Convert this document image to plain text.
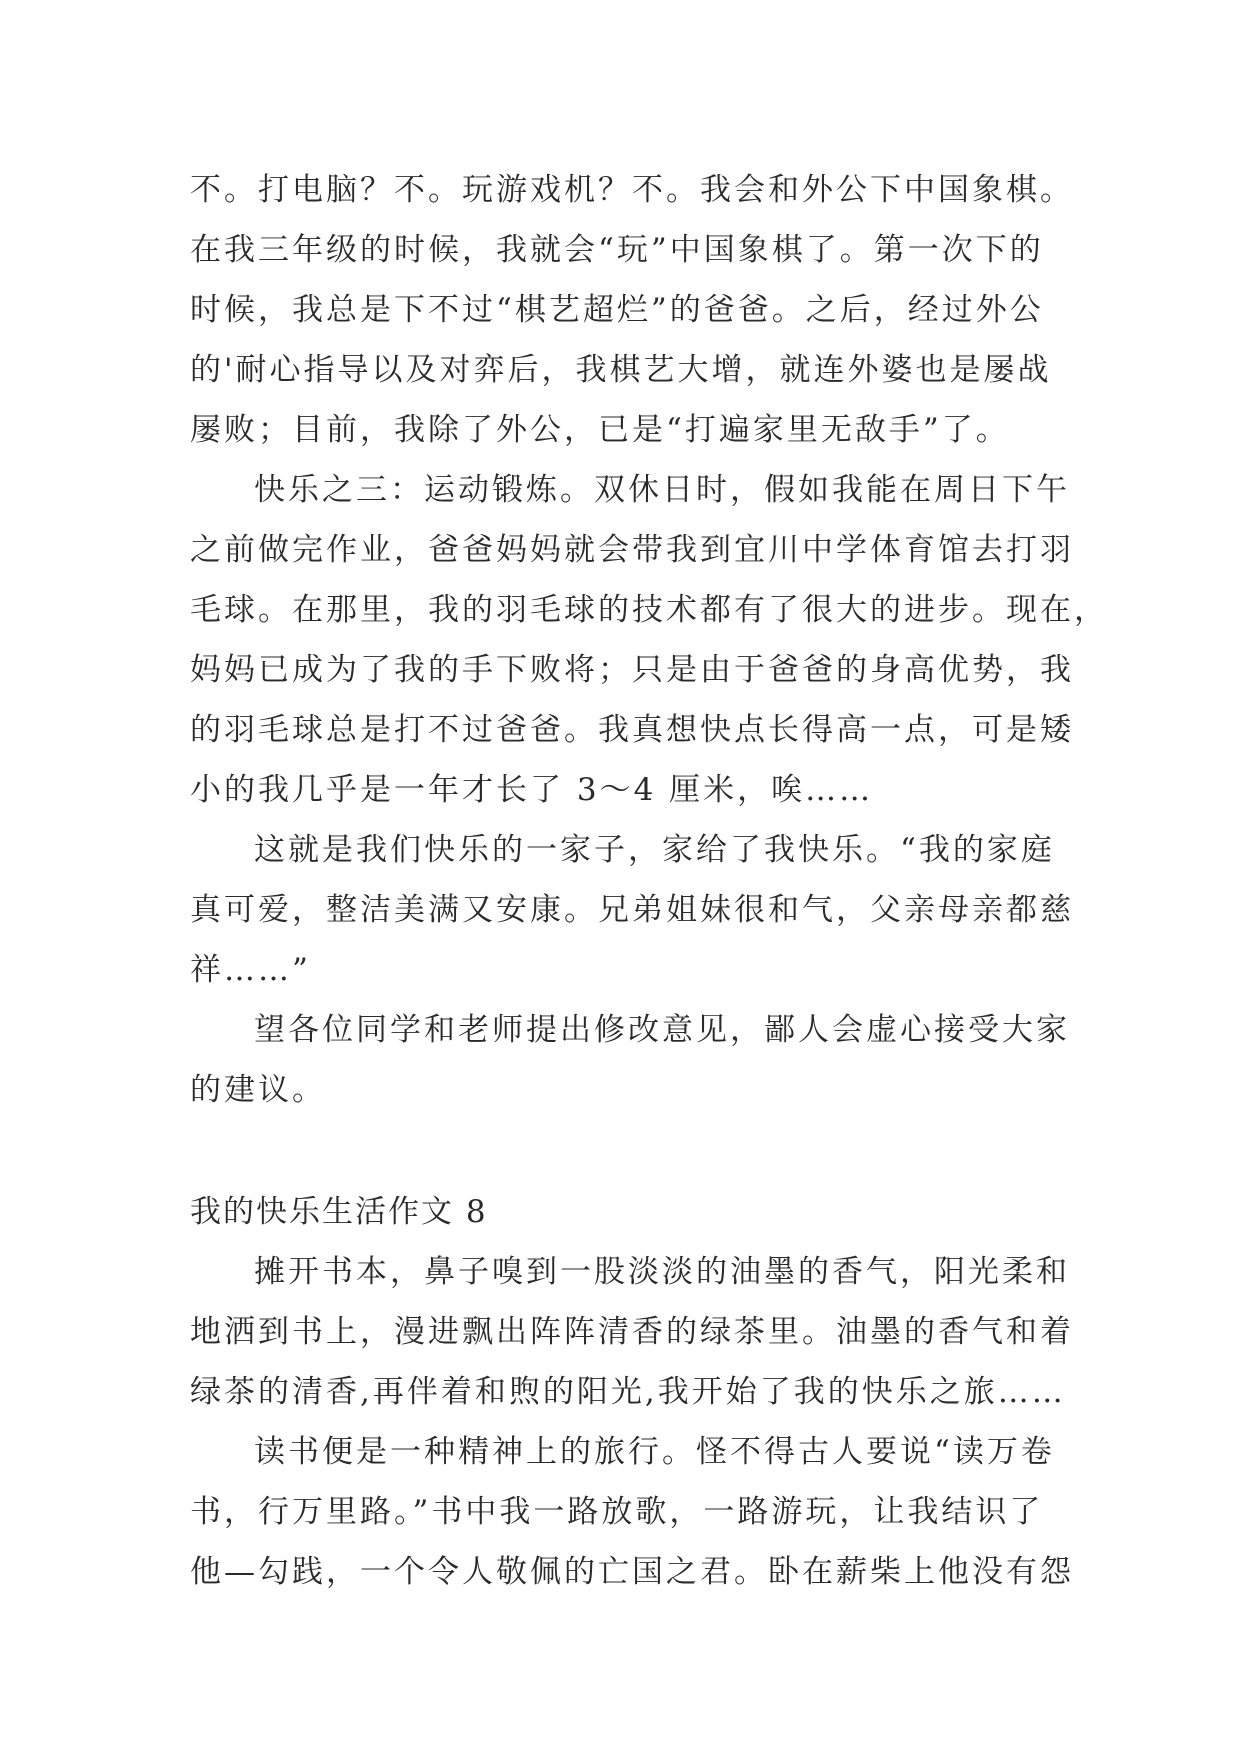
不。打电脑？不。玩游戏机？不。我会和外公下中国象棋。
在我三年级的时候，我就会“玩”中国象棋了。第一次下的
时候，我总是下不过“棋艺超烂”的爸爸。之后，经过外公
的'耐心指导以及对弈后，我棋艺大增，就连外婆也是屡战
屡败；目前，我除了外公，已是“打遍家里无敌手”了。
快乐之三：运动锻炼。双休日时，假如我能在周日下午
之前做完作业，爸爸妈妈就会带我到宜川中学体育馆去打羽
毛球。在那里，我的羽毛球的技术都有了很大的进步。现在，
妈妈已成为了我的手下败将；只是由于爸爸的身高优势，我
的羽毛球总是打不过爸爸。我真想快点长得高一点，可是矮
小的我几乎是一年才长了 3～4 厘米，唉……
这就是我们快乐的一家子，家给了我快乐。“我的家庭
真可爱，整洁美满又安康。兄弟姐妹很和气，父亲母亲都慈
祥……”
望各位同学和老师提出修改意见，鄙人会虚心接受大家
的建议。
我的快乐生活作文 8
摊开书本，鼻子嗅到一股淡淡的油墨的香气，阳光柔和
地洒到书上，漫进飘出阵阵清香的绿茶里。油墨的香气和着
绿茶的清香,再伴着和煦的阳光,我开始了我的快乐之旅……
读书便是一种精神上的旅行。怪不得古人要说“读万卷
书，行万里路。”书中我一路放歌，一路游玩，让我结识了
他—勾践，一个令人敬佩的亡国之君。卧在薪柴上他没有怨
